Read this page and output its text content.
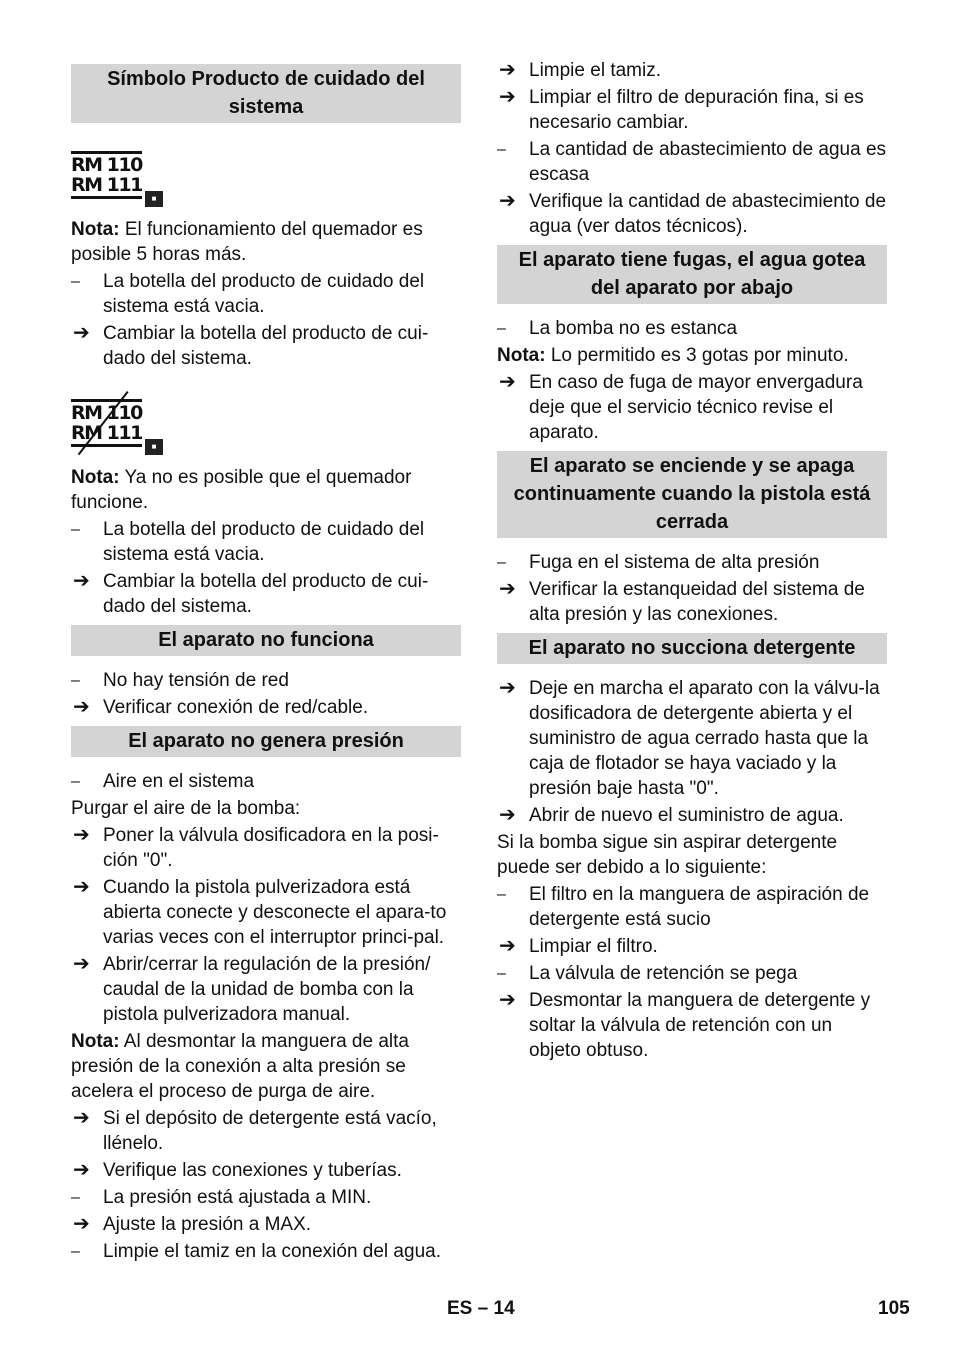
Símbolo Producto de cuidado del sistema
RM 110
RM 111
■

Nota: El funcionamiento del quemador es posible 5 horas más.

–	La botella del producto de cuidado del sistema está vacia.
➔ Cambiar la botella del producto de cui-dado del sistema.
RM 110
RM 111
■

Nota: Ya no es posible que el quemador funcione.

–	La botella del producto de cuidado del sistema está vacia.
➔ Cambiar la botella del producto de cui-dado del sistema.
El aparato no funciona
–	No hay tensión de red
➔ Verificar conexión de red/cable.
El aparato no genera presión
–	Aire en el sistema

Purgar el aire de la bomba:

➔ Poner la válvula dosificadora en la posi-ción "0".
➔ Cuando la pistola pulverizadora está abierta conecte y desconecte el apara-to varias veces con el interruptor princi-pal.
➔ Abrir/cerrar la regulación de la presión/ caudal de la unidad de bomba con la pistola pulverizadora manual.

Nota: Al desmontar la manguera de alta presión de la conexión a alta presión se acelera el proceso de purga de aire.

➔ Si el depósito de detergente está vacío, llénelo.
➔ Verifique las conexiones y tuberías.
–	La presión está ajustada a MIN.
➔ Ajuste la presión a MAX.
–	Limpie el tamiz en la conexión del agua.
➔ Limpie el tamiz.
➔ Limpiar el filtro de depuración fina, si es necesario cambiar.
–	La cantidad de abastecimiento de agua es escasa
➔ Verifique la cantidad de abastecimiento de agua (ver datos técnicos).
El aparato tiene fugas, el agua gotea del aparato por abajo
–	La bomba no es estanca

Nota: Lo permitido es 3 gotas por minuto.

➔ En caso de fuga de mayor envergadura deje que el servicio técnico revise el aparato.
El aparato se enciende y se apaga continuamente cuando la pistola está cerrada
–	Fuga en el sistema de alta presión
➔ Verificar la estanqueidad del sistema de alta presión y las conexiones.
El aparato no succiona detergente
➔ Deje en marcha el aparato con la válvu-la dosificadora de detergente abierta y el suministro de agua cerrado hasta que la caja de flotador se haya vaciado y la presión baje hasta "0".
➔ Abrir de nuevo el suministro de agua.

Si la bomba sigue sin aspirar detergente puede ser debido a lo siguiente:

–	El filtro en la manguera de aspiración de detergente está sucio
➔ Limpiar el filtro.
–	La válvula de retención se pega
➔ Desmontar la manguera de detergente y soltar la válvula de retención con un objeto obtuso.
ES – 14	105
